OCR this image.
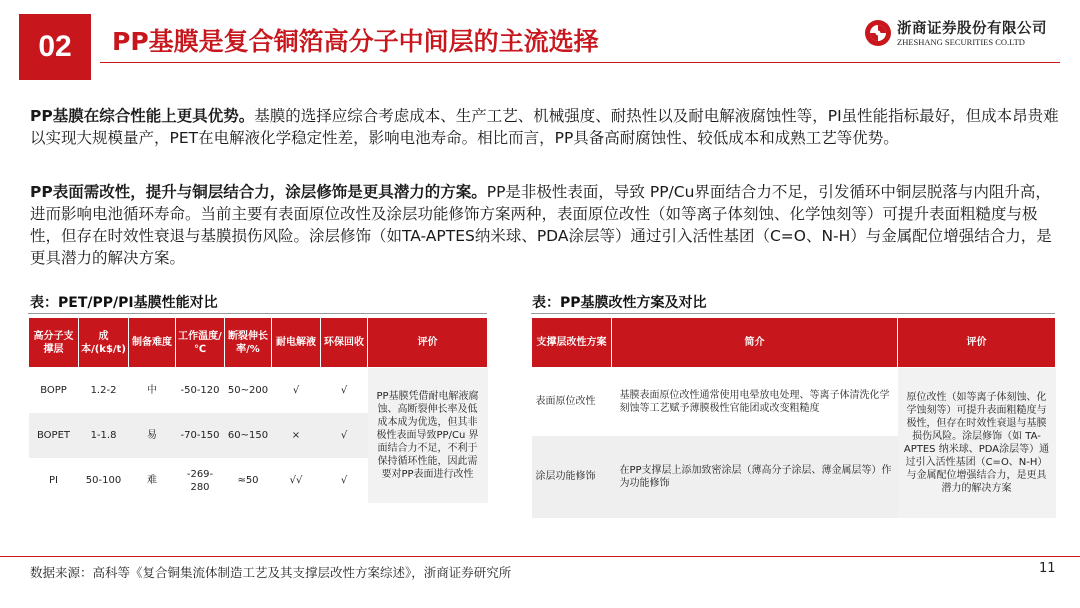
02	PP基膜是复合铜箔高分子中间层的主流选择	浙商证券股份有限公司
ZHESHANG SECURITIES CO.LTD
PP基膜在综合性能上更具优势。基膜的选择应综合考虑成本、生产工艺、机械强度、耐热性以及耐电解液腐蚀性等，PI虽性能指标最好，但成本昂贵难以实现大规模量产，PET在电解液化学稳定性差，影响电池寿命。相比而言，PP具备高耐腐蚀性、较低成本和成熟工艺等优势。
PP表面需改性，提升与铜层结合力，涂层修饰是更具潜力的方案。PP是非极性表面，导致 PP/Cu界面结合力不足，引发循环中铜层脱落与内阻升高，进而影响电池循环寿命。当前主要有表面原位改性及涂层功能修饰方案两种，表面原位改性（如等离子体刻蚀、化学蚀刻等）可提升表面粗糙度与极性，但存在时效性衰退与基膜损伤风险。涂层修饰（如TA-APTES纳米球、PDA涂层等）通过引入活性基团（C=O、N-H）与金属配位增强结合力，是更具潜力的解决方案。
表：PET/PP/PI基膜性能对比
高分子支撑层	成本/(k$/t)	制备难度	工作温度/℃	断裂伸长率/%	耐电解液	环保回收	评价
BOPP	1.2-2	中	-50-120	50~200	√	√	PP基膜凭借耐电解液腐蚀、高断裂伸长率及低成本成为优选，但其非极性表面导致PP/Cu 界面结合力不足，不利于保持循环性能，因此需要对PP表面进行改性
BOPET	1-1.8	易	-70-150	60~150	×	√	
PI	50-100	难	-269-280	≈50	√√	√	
表：PP基膜改性方案及对比
支撑层改性方案	简介	评价
表面原位改性	基膜表面原位改性通常使用电晕放电处理、等离子体清洗化学刻蚀等工艺赋予薄膜极性官能团或改变粗糙度	原位改性（如等离子体刻蚀、化学蚀刻等）可提升表面粗糙度与极性，但存在时效性衰退与基膜损伤风险。涂层修饰（如 TA-APTES 纳米球、PDA涂层等）通过引入活性基团（C=O、N-H）与金属配位增强结合力，是更具潜力的解决方案
涂层功能修饰	在PP支撑层上添加致密涂层（薄高分子涂层、薄金属层等）作为功能修饰	
数据来源：高科等《复合铜集流体制造工艺及其支撑层改性方案综述》，浙商证券研究所	11
